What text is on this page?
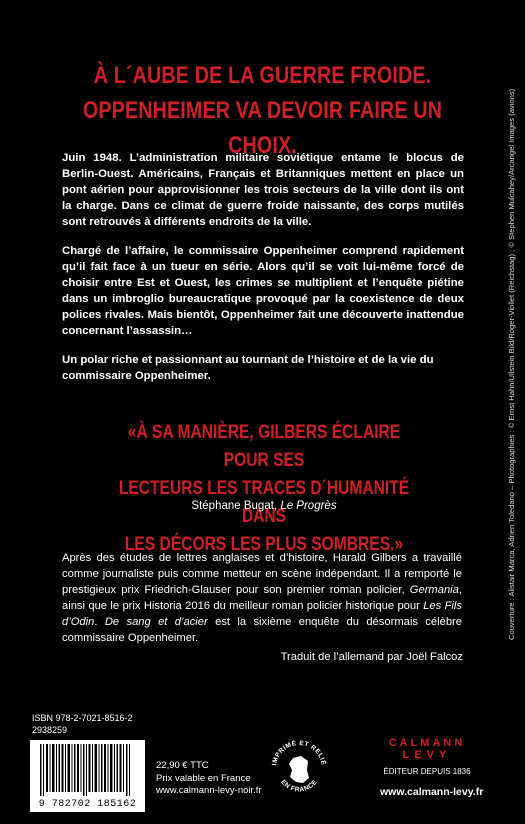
À L´AUBE DE LA GUERRE FROIDE.
OPPENHEIMER VA DEVOIR FAIRE UN CHOIX.

Juin 1948. L’administration militaire soviétique entame le blocus de Berlin-Ouest. Américains, Français et Britanniques mettent en place un pont aérien pour approvisionner les trois secteurs de la ville dont ils ont la charge. Dans ce climat de guerre froide naissante, des corps mutilés sont retrouvés à différents endroits de la ville.

Chargé de l’affaire, le commissaire Oppenheimer comprend rapidement qu’il fait face à un tueur en série. Alors qu’il se voit lui-même forcé de choisir entre Est et Ouest, les crimes se multiplient et l’enquête piétine dans un imbroglio bureaucratique provoqué par la coexistence de deux polices rivales. Mais bientôt, Oppenheimer fait une découverte inattendue concernant l’assassin…

Un polar riche et passionnant au tournant de l’histoire et de la vie du commissaire Oppenheimer.

«À SA MANIÈRE, GILBERS ÉCLAIRE POUR SES
LECTEURS LES TRACES D´HUMANITÉ DANS
LES DÉCORS LES PLUS SOMBRES.»
Stéphane Bugat, Le Progrès
Après des études de lettres anglaises et d’histoire, Harald Gilbers a travaillé comme journaliste puis comme metteur en scène indépendant. Il a remporté le prestigieux prix Friedrich-Glauser pour son premier roman policier, Germania, ainsi que le prix Historia 2016 du meilleur roman policier historique pour Les Fils d’Odin. De sang et d’acier est la sixième enquête du désormais célèbre commissaire Oppenheimer.
Traduit de l’allemand par Joël Falcoz
Couverture : Alistair Marca, Adrien Toledano – Photographies : © Ernst Hahn/Ullstein Bild/Roger-Viollet (Reichstag) ; © Stephen Mulcahey/Arcangel Images (avions)
ISBN 978-2-7021-8516-2
2938259
9 782702 185162
22,90 € TTC
Prix valable en France
www.calmann-levy-noir.fr
IMPRIMÉ ET RELIÉ
EN FRANCE
CALMANN
LEVY
ÉDITEUR DEPUIS 1836
www.calmann-levy.fr
